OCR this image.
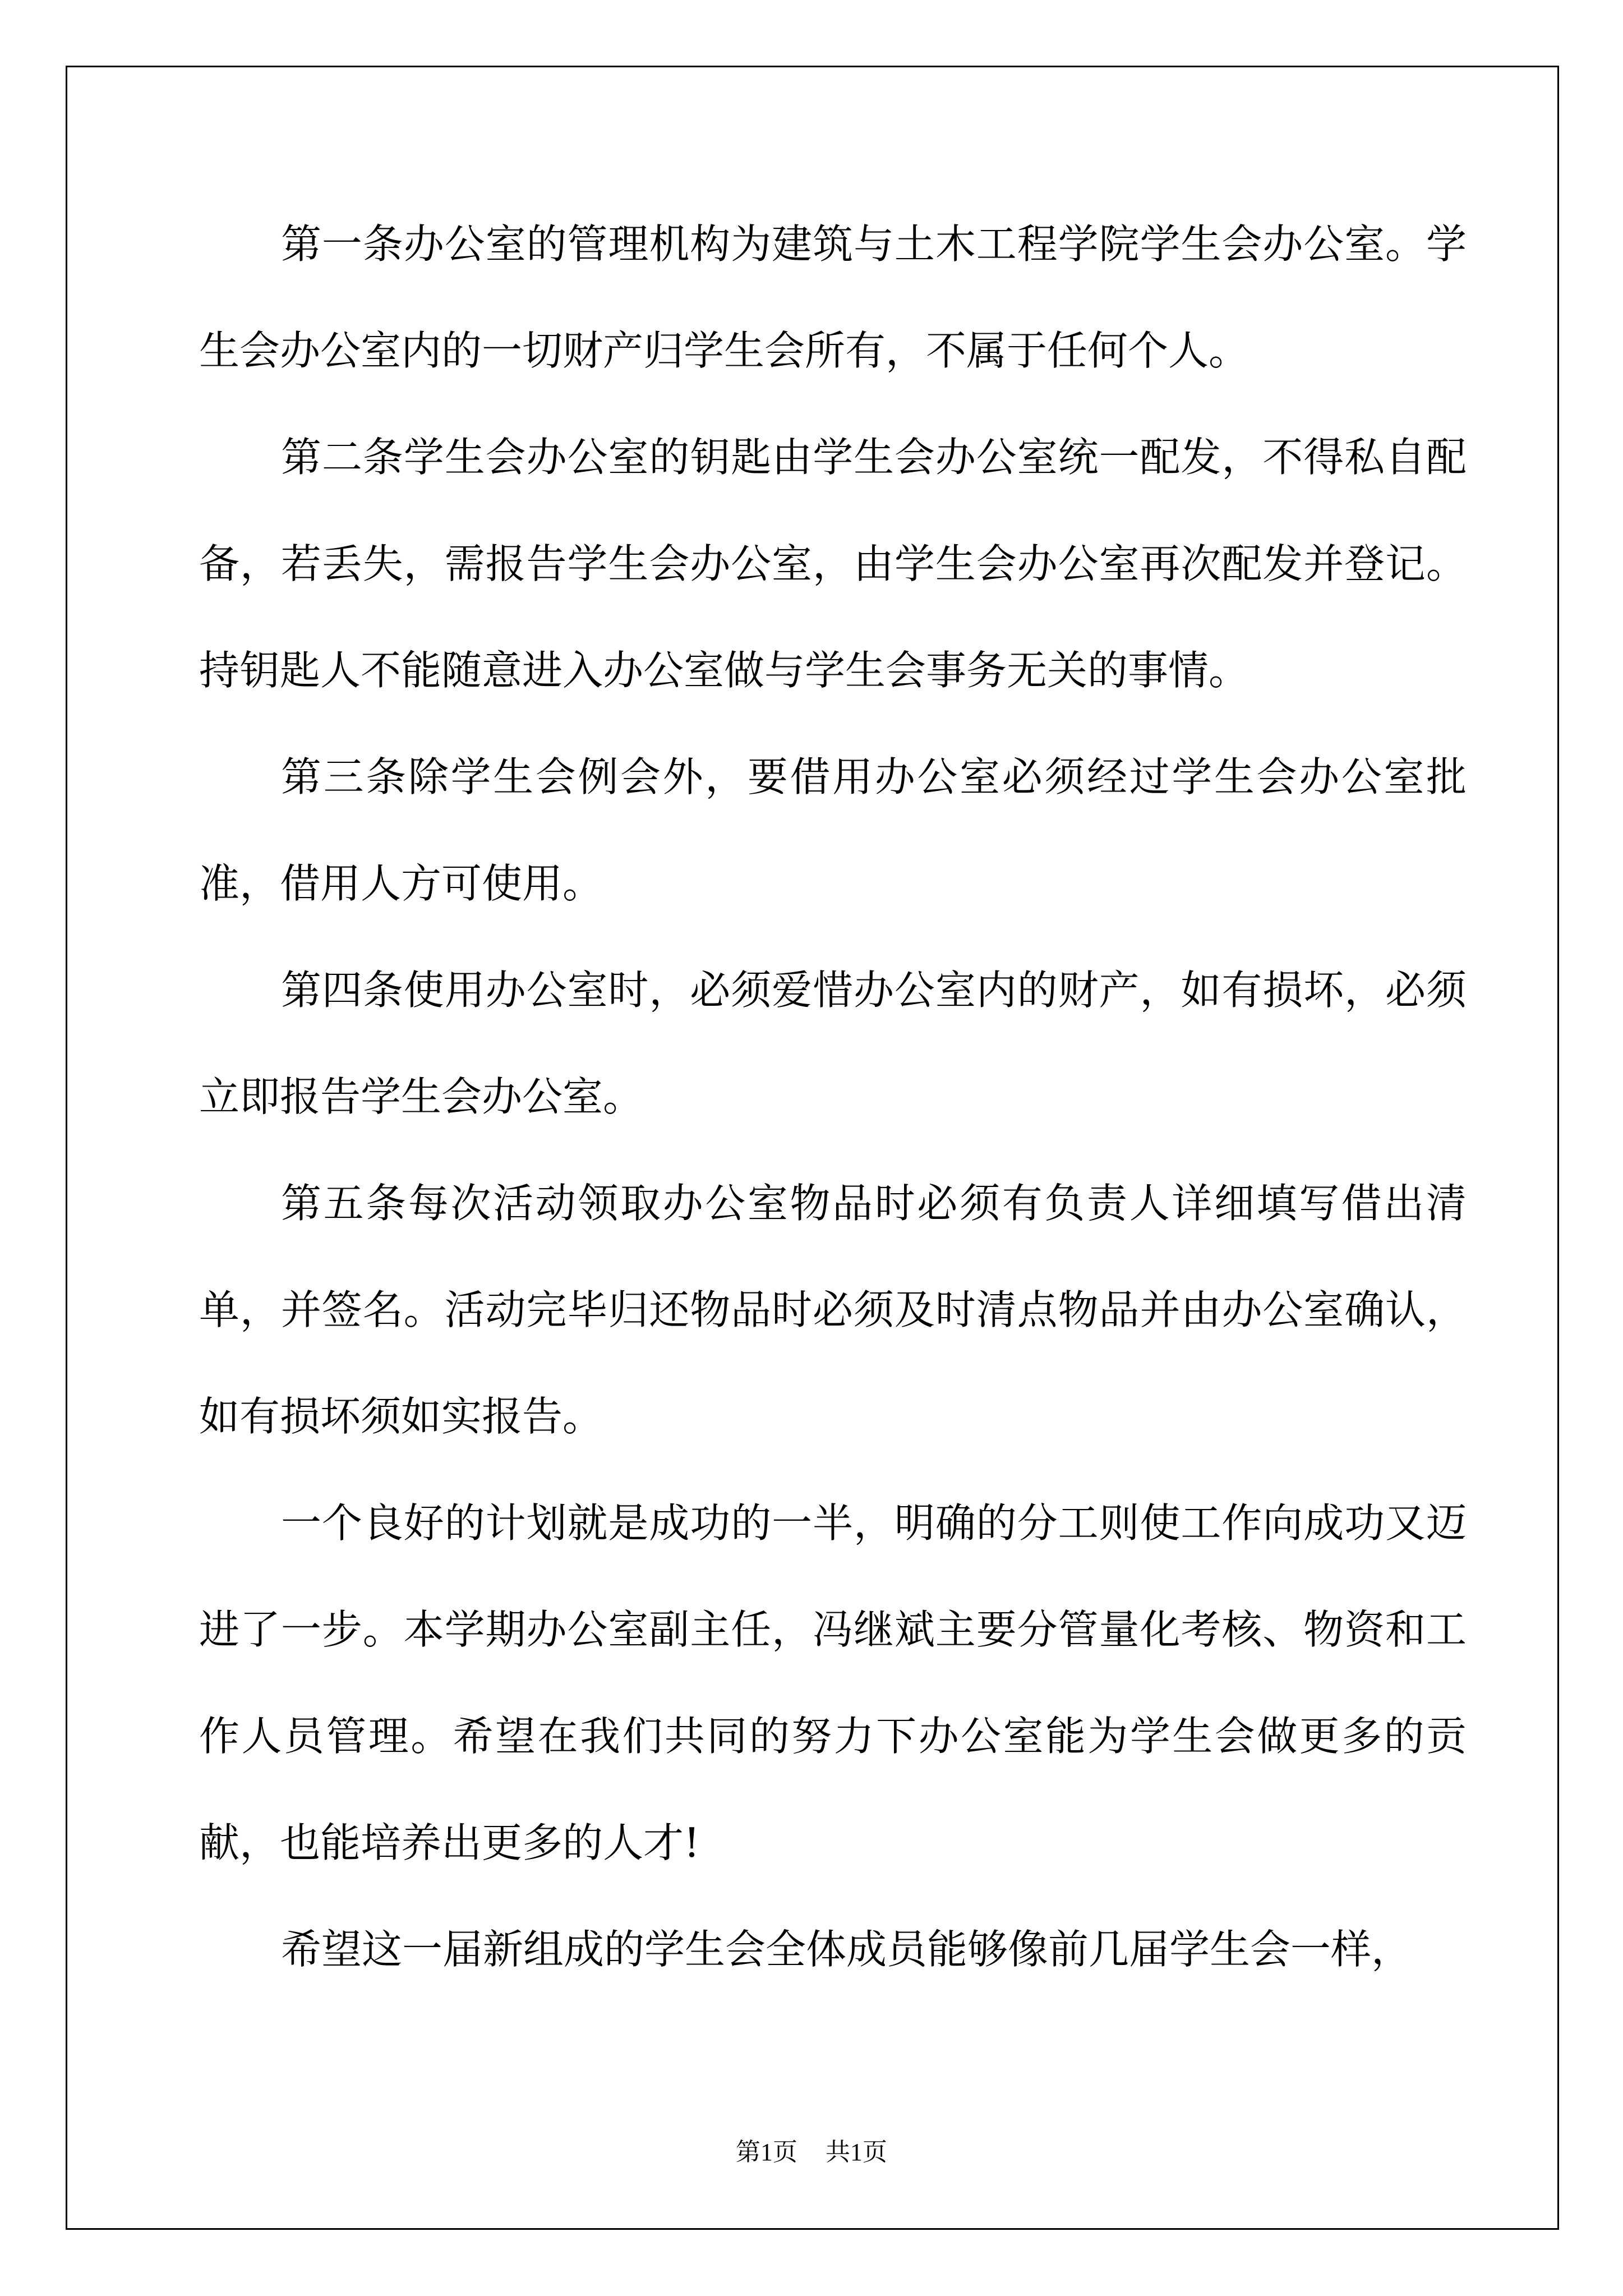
第一条办公室的管理机构为建筑与土木工程学院学生会办公室。学生会办公室内的一切财产归学生会所有，不属于任何个人。

第二条学生会办公室的钥匙由学生会办公室统一配发，不得私自配备，若丢失，需报告学生会办公室，由学生会办公室再次配发并登记。持钥匙人不能随意进入办公室做与学生会事务无关的事情。

第三条除学生会例会外，要借用办公室必须经过学生会办公室批准，借用人方可使用。

第四条使用办公室时，必须爱惜办公室内的财产，如有损坏，必须立即报告学生会办公室。

第五条每次活动领取办公室物品时必须有负责人详细填写借出清单，并签名。活动完毕归还物品时必须及时清点物品并由办公室确认，如有损坏须如实报告。

一个良好的计划就是成功的一半，明确的分工则使工作向成功又迈进了一步。本学期办公室副主任，冯继斌主要分管量化考核、物资和工作人员管理。希望在我们共同的努力下办公室能为学生会做更多的贡献，也能培养出更多的人才!

希望这一届新组成的学生会全体成员能够像前几届学生会一样，

第1页 共1页
